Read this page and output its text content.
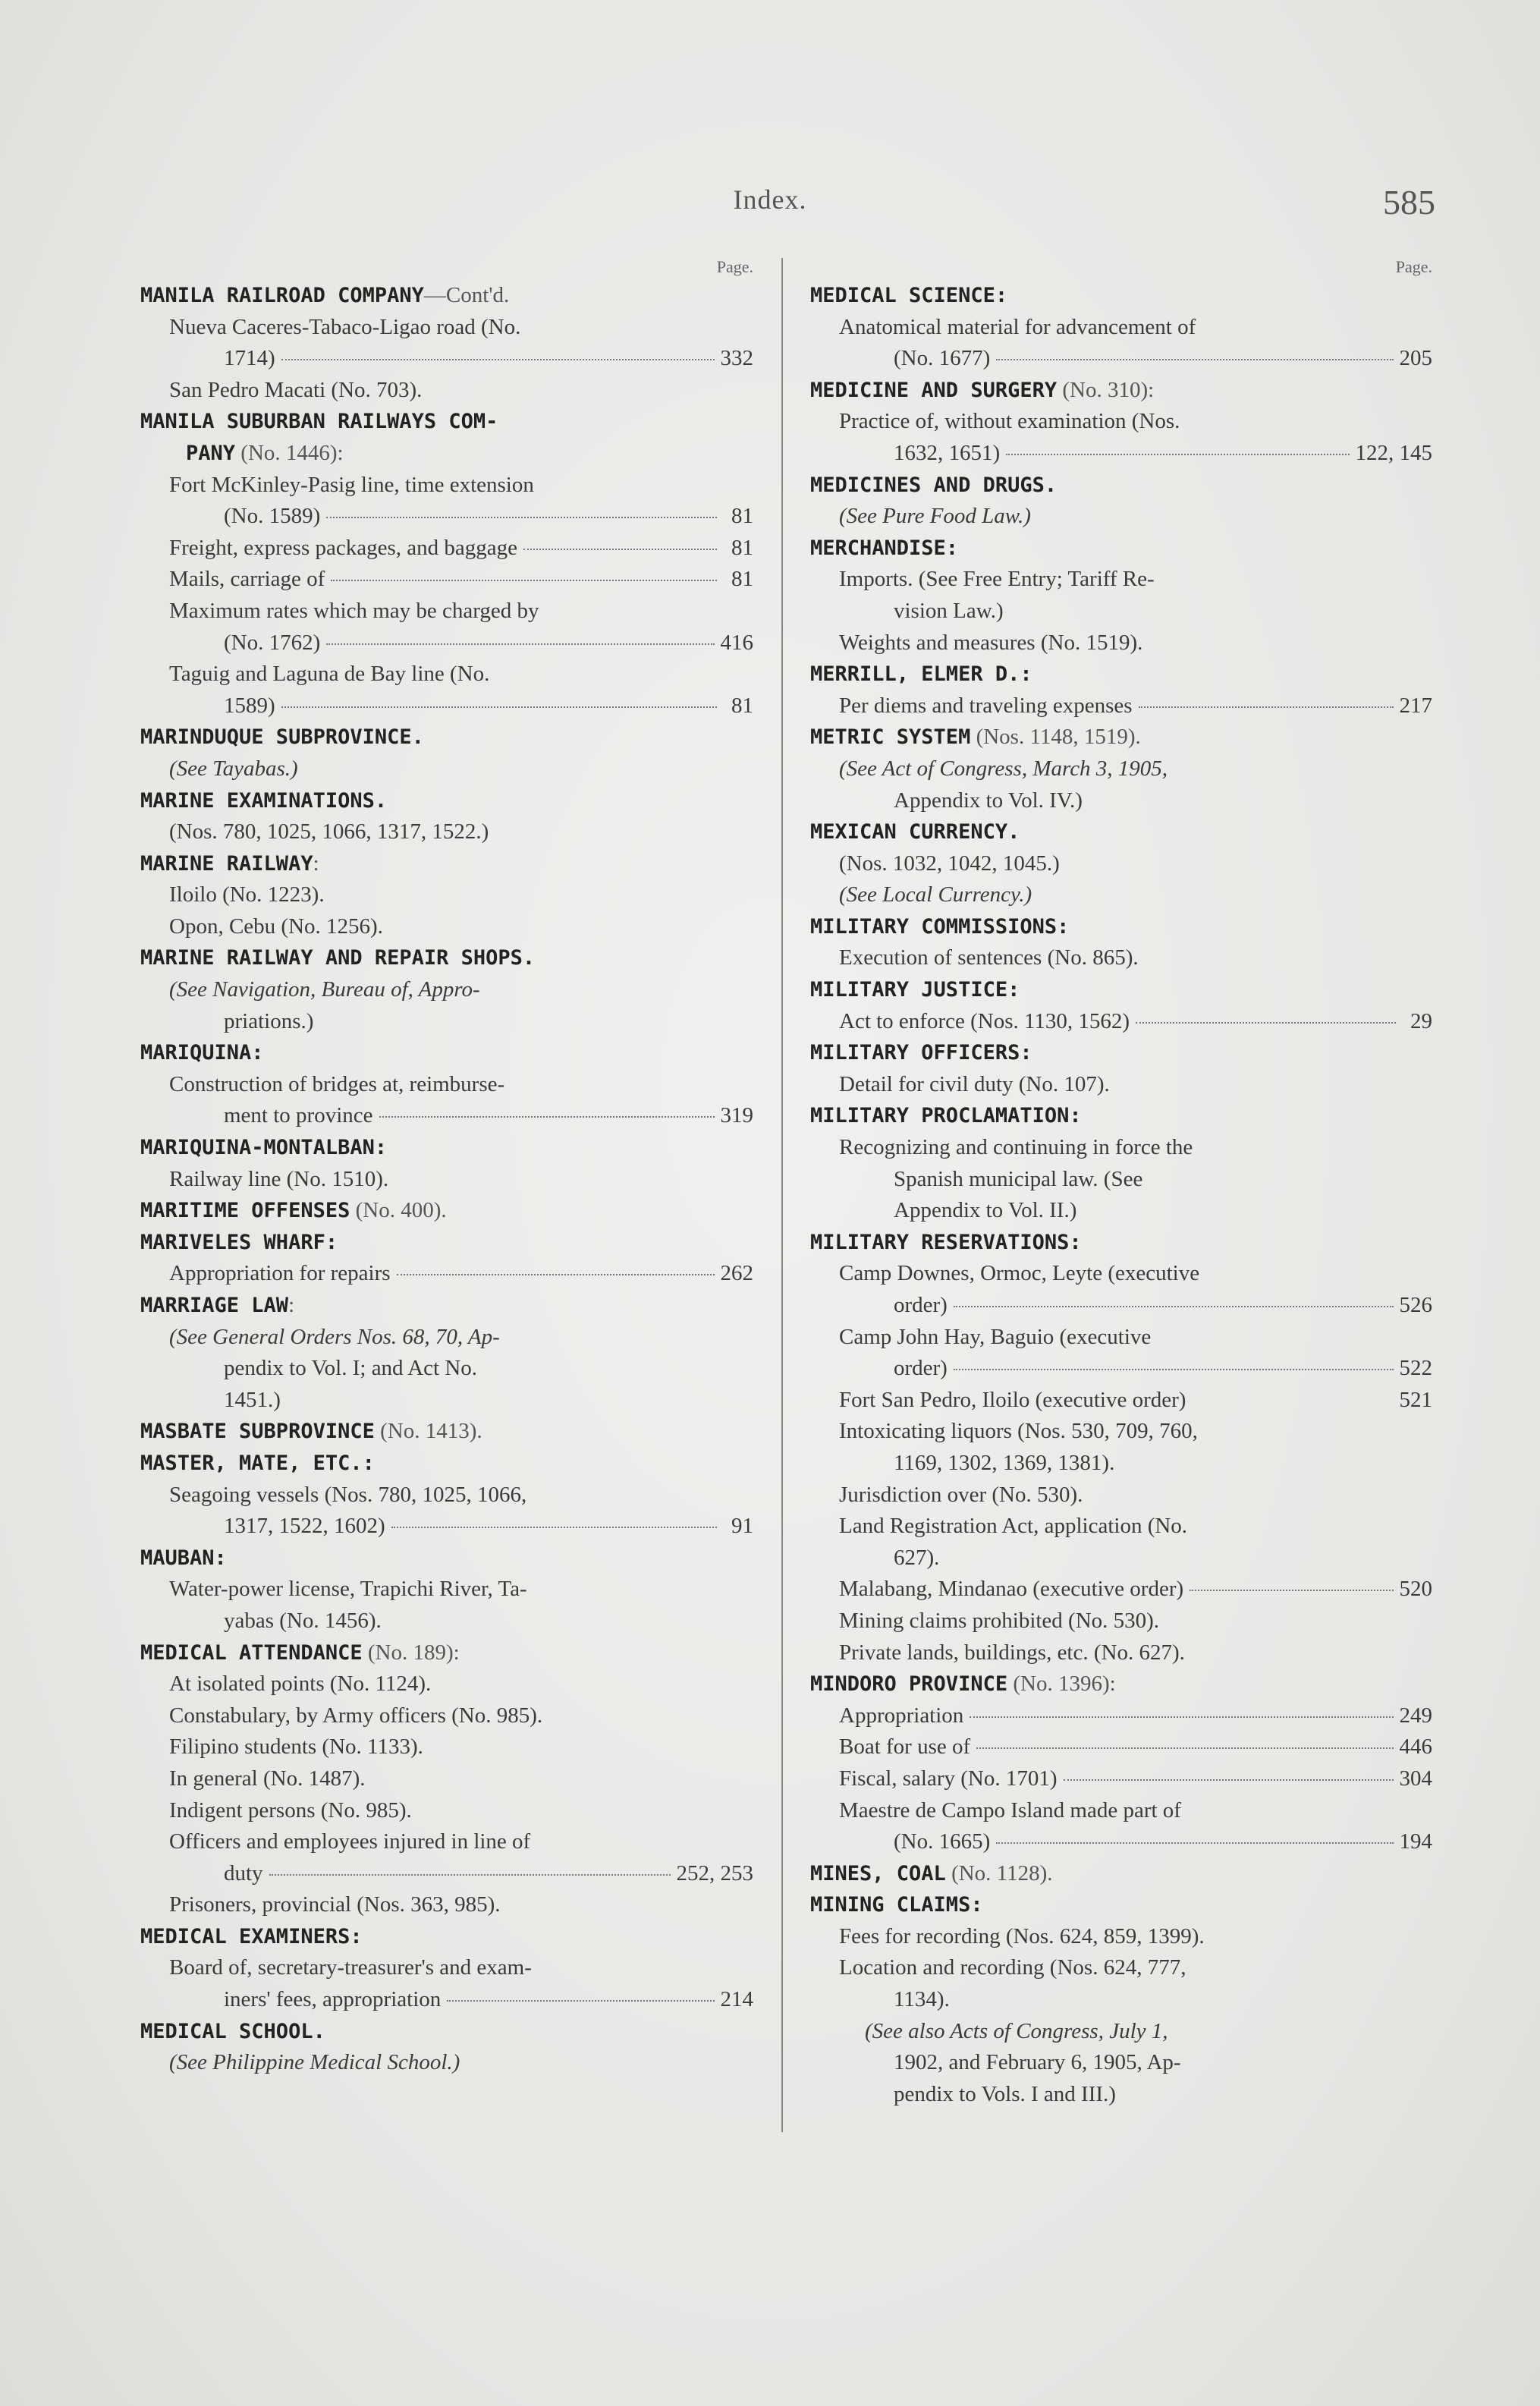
Index.	585
Page.
MANILA RAILROAD COMPANY—Cont'd.
Nueva Caceres-Tabaco-Ligao road (No.
1714)	332
San Pedro Macati (No. 703).
MANILA SUBURBAN RAILWAYS COM-
PANY (No. 1446):
Fort McKinley-Pasig line, time extension
(No. 1589)	81
Freight, express packages, and baggage	81
Mails, carriage of	81
Maximum rates which may be charged by
(No. 1762)	416
Taguig and Laguna de Bay line (No.
1589)	81
MARINDUQUE SUBPROVINCE.
(See Tayabas.)
MARINE EXAMINATIONS.
(Nos. 780, 1025, 1066, 1317, 1522.)
MARINE RAILWAY:
Iloilo (No. 1223).
Opon, Cebu (No. 1256).
MARINE RAILWAY AND REPAIR SHOPS.
(See Navigation, Bureau of, Appro-
priations.)
MARIQUINA:
Construction of bridges at, reimburse-
ment to province	319
MARIQUINA-MONTALBAN:
Railway line (No. 1510).
MARITIME OFFENSES (No. 400).
MARIVELES WHARF:
Appropriation for repairs	262
MARRIAGE LAW:
(See General Orders Nos. 68, 70, Ap-
pendix to Vol. I; and Act No.
1451.)
MASBATE SUBPROVINCE (No. 1413).
MASTER, MATE, ETC.:
Seagoing vessels (Nos. 780, 1025, 1066,
1317, 1522, 1602)	91
MAUBAN:
Water-power license, Trapichi River, Ta-
yabas (No. 1456).
MEDICAL ATTENDANCE (No. 189):
At isolated points (No. 1124).
Constabulary, by Army officers (No. 985).
Filipino students (No. 1133).
In general (No. 1487).
Indigent persons (No. 985).
Officers and employees injured in line of
duty	252, 253
Prisoners, provincial (Nos. 363, 985).
MEDICAL EXAMINERS:
Board of, secretary-treasurer's and exam-
iners' fees, appropriation	214
MEDICAL SCHOOL.
(See Philippine Medical School.)
Page.
MEDICAL SCIENCE:
Anatomical material for advancement of
(No. 1677)	205
MEDICINE AND SURGERY (No. 310):
Practice of, without examination (Nos.
1632, 1651)	122, 145
MEDICINES AND DRUGS.
(See Pure Food Law.)
MERCHANDISE:
Imports. (See Free Entry; Tariff Re-
vision Law.)
Weights and measures (No. 1519).
MERRILL, ELMER D.:
Per diems and traveling expenses	217
METRIC SYSTEM (Nos. 1148, 1519).
(See Act of Congress, March 3, 1905,
Appendix to Vol. IV.)
MEXICAN CURRENCY.
(Nos. 1032, 1042, 1045.)
(See Local Currency.)
MILITARY COMMISSIONS:
Execution of sentences (No. 865).
MILITARY JUSTICE:
Act to enforce (Nos. 1130, 1562)	29
MILITARY OFFICERS:
Detail for civil duty (No. 107).
MILITARY PROCLAMATION:
Recognizing and continuing in force the
Spanish municipal law. (See
Appendix to Vol. II.)
MILITARY RESERVATIONS:
Camp Downes, Ormoc, Leyte (executive
order)	526
Camp John Hay, Baguio (executive
order)	522
Fort San Pedro, Iloilo (executive order)	521
Intoxicating liquors (Nos. 530, 709, 760,
1169, 1302, 1369, 1381).
Jurisdiction over (No. 530).
Land Registration Act, application (No.
627).
Malabang, Mindanao (executive order)	520
Mining claims prohibited (No. 530).
Private lands, buildings, etc. (No. 627).
MINDORO PROVINCE (No. 1396):
Appropriation	249
Boat for use of	446
Fiscal, salary (No. 1701)	304
Maestre de Campo Island made part of
(No. 1665)	194
MINES, COAL (No. 1128).
MINING CLAIMS:
Fees for recording (Nos. 624, 859, 1399).
Location and recording (Nos. 624, 777,
1134).
(See also Acts of Congress, July 1,
1902, and February 6, 1905, Ap-
pendix to Vols. I and III.)
